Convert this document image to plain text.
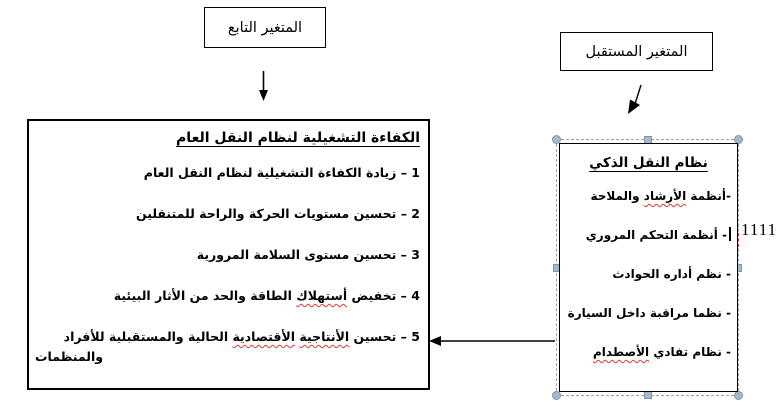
المتغير التابع
المتغير المستقبل
الكفاءة التشغيلية لنظام النقل العام
1 – زيادة الكفاءة التشغيلية لنظام النقل العام
2 – تحسين مستويات الحركة والراحة للمتنقلين
3 – تحسين مستوى السلامة المرورية
4 – تخفيض أستهلاك الطاقة والحد من الأثار البيئية
5 – تحسين الأنتاجية الأقتصادية الحالية والمستقبلية للأفراد
والمنظمات
نظام النقل الذكي
-أنظمة الأرشاد والملاحة
- أنظمة التحكم المروري
- نظم أداره الحوادث
- نظما مراقبة داخل السيارة
- نظام تفادي الأصطدام
1111
